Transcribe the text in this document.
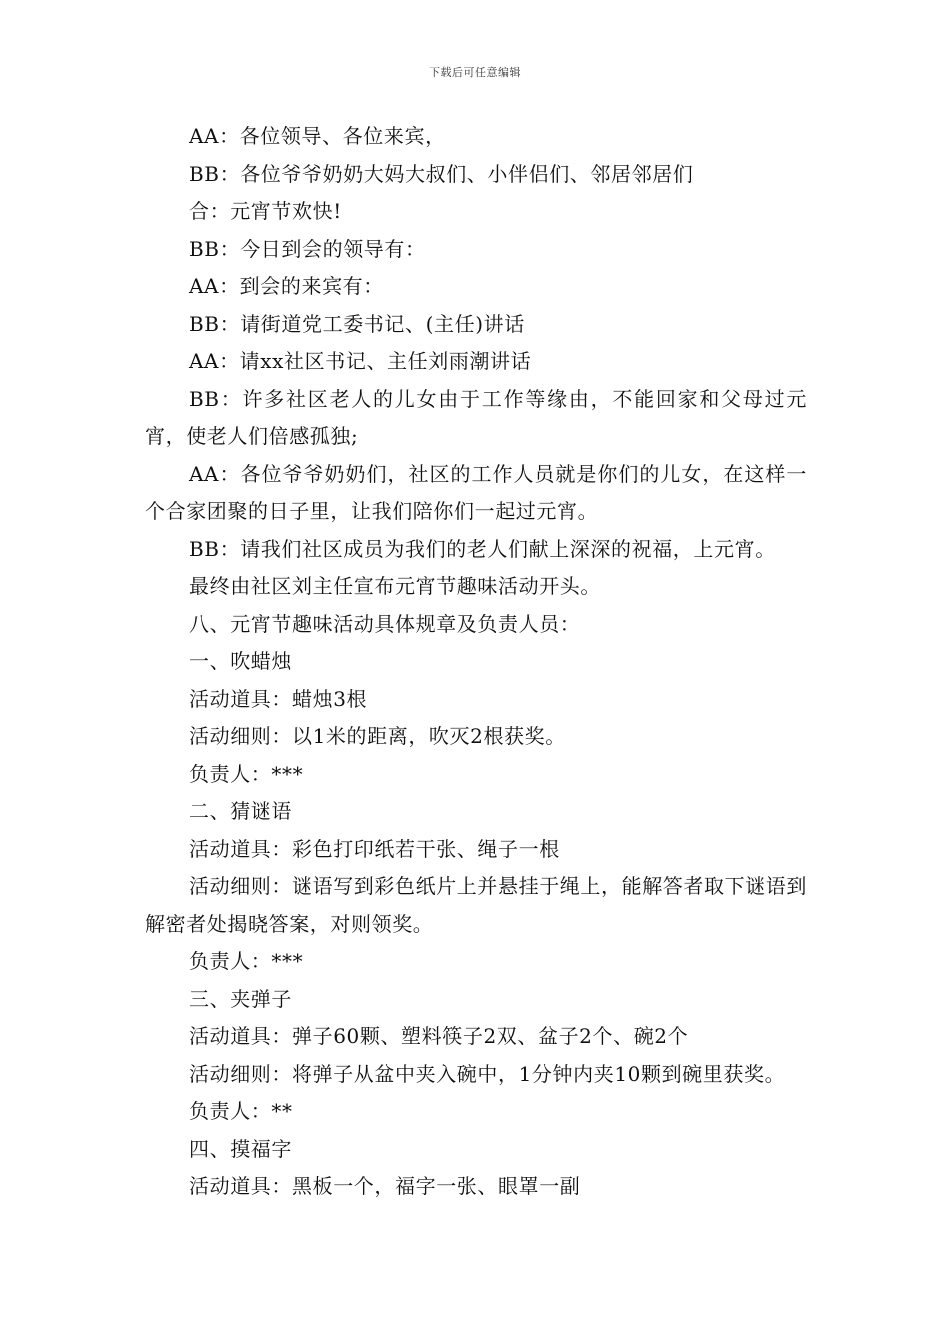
下载后可任意编辑

AA：各位领导、各位来宾，

BB：各位爷爷奶奶大妈大叔们、小伴侣们、邻居邻居们

合：元宵节欢快!

BB：今日到会的领导有：

AA：到会的来宾有：

BB：请街道党工委书记、(主任)讲话

AA：请xx社区书记、主任刘雨潮讲话

BB：许多社区老人的儿女由于工作等缘由，不能回家和父母过元宵，使老人们倍感孤独;

AA：各位爷爷奶奶们，社区的工作人员就是你们的儿女，在这样一个合家团聚的日子里，让我们陪你们一起过元宵。

BB：请我们社区成员为我们的老人们献上深深的祝福，上元宵。

最终由社区刘主任宣布元宵节趣味活动开头。

八、元宵节趣味活动具体规章及负责人员：

一、吹蜡烛

活动道具：蜡烛3根

活动细则：以1米的距离，吹灭2根获奖。

负责人：***

二、猜谜语

活动道具：彩色打印纸若干张、绳子一根

活动细则：谜语写到彩色纸片上并悬挂于绳上，能解答者取下谜语到解密者处揭晓答案，对则领奖。

负责人：***

三、夹弹子

活动道具：弹子60颗、塑料筷子2双、盆子2个、碗2个

活动细则：将弹子从盆中夹入碗中，1分钟内夹10颗到碗里获奖。

负责人：**

四、摸福字

活动道具：黑板一个，福字一张、眼罩一副
